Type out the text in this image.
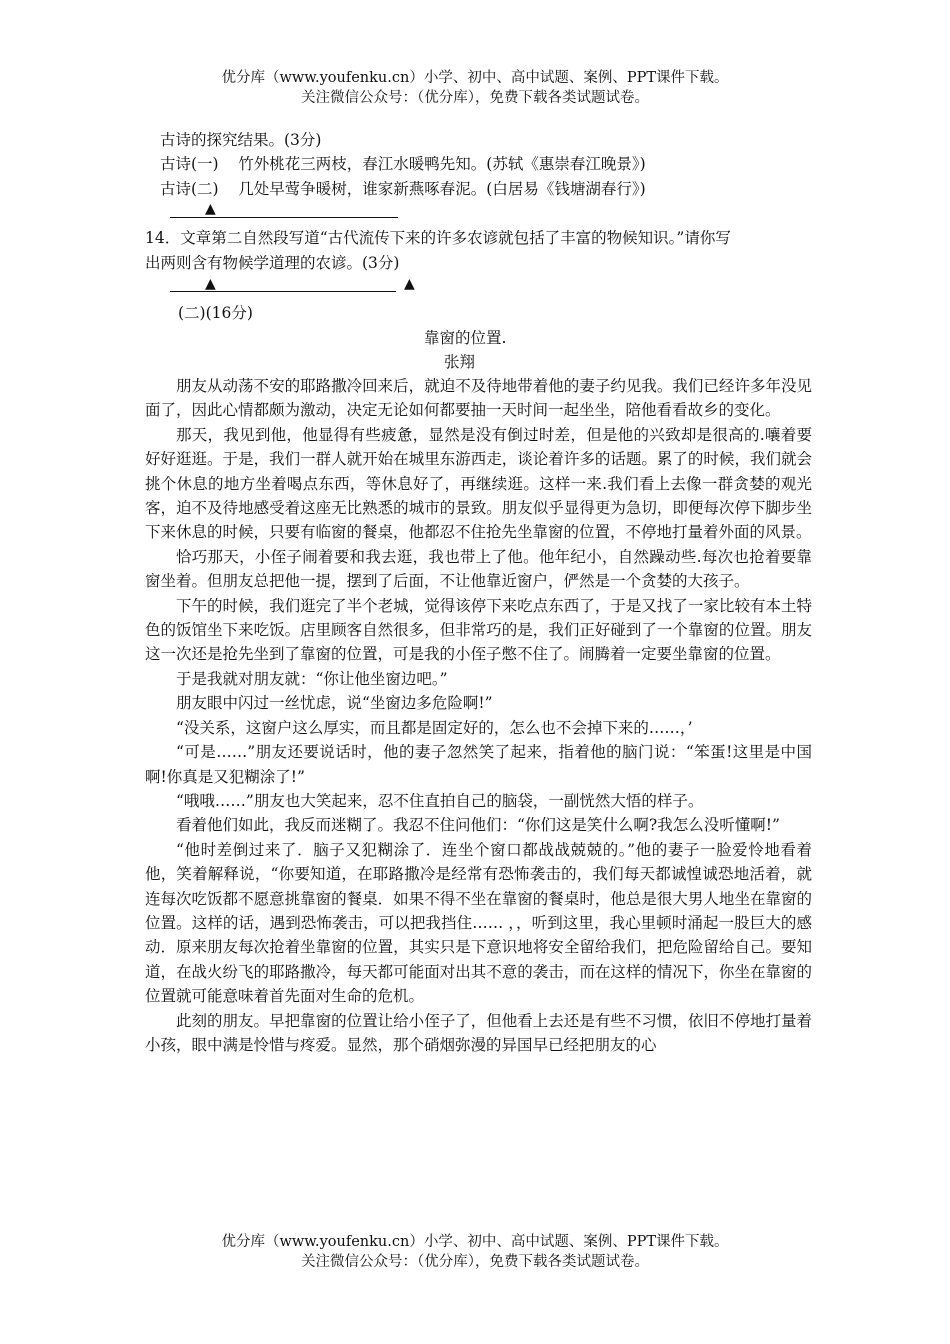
优分库（www.youfenku.cn）小学、初中、高中试题、案例、PPT课件下载。
关注微信公众号：（优分库），免费下载各类试题试卷。
古诗的探究结果。(3分)
古诗(一)    竹外桃花三两枝，春江水暖鸭先知。(苏轼《惠崇春江晚景》)
古诗(二)    几处早莺争暖树，谁家新燕啄春泥。(白居易《钱塘湖春行》)
▲
14．文章第二自然段写道“古代流传下来的许多农谚就包括了丰富的物候知识。”请你写
出两则含有物候学道理的农谚。(3分)
▲	▲
(二)(16分)
靠窗的位置.
张翔

朋友从动荡不安的耶路撒冷回来后，就迫不及待地带着他的妻子约见我。我们已经许多年没见面了，因此心情都颇为激动，决定无论如何都要抽一天时间一起坐坐，陪他看看故乡的变化。

那天，我见到他，他显得有些疲惫，显然是没有倒过时差，但是他的兴致却是很高的.嚷着要好好逛逛。于是，我们一群人就开始在城里东游西走，谈论着许多的话题。累了的时候，我们就会挑个休息的地方坐着喝点东西，等休息好了，再继续逛。这样一来.我们看上去像一群贪婪的观光客，迫不及待地感受着这座无比熟悉的城市的景致。朋友似乎显得更为急切，即便每次停下脚步坐下来休息的时候，只要有临窗的餐桌，他都忍不住抢先坐靠窗的位置，不停地打量着外面的风景。

恰巧那天，小侄子闹着要和我去逛，我也带上了他。他年纪小，自然躁动些.每次也抢着要靠窗坐着。但朋友总把他一提，摆到了后面，不让他靠近窗户，俨然是一个贪婪的大孩子。

下午的时候，我们逛完了半个老城，觉得该停下来吃点东西了，于是又找了一家比较有本土特色的饭馆坐下来吃饭。店里顾客自然很多，但非常巧的是，我们正好碰到了一个靠窗的位置。朋友这一次还是抢先坐到了靠窗的位置，可是我的小侄子憋不住了。闹腾着一定要坐靠窗的位置。

于是我就对朋友就：“你让他坐窗边吧。”

朋友眼中闪过一丝忧虑，说“坐窗边多危险啊!”

“没关系，这窗户这么厚实，而且都是固定好的，怎么也不会掉下来的……，’

“可是……”朋友还要说话时，他的妻子忽然笑了起来，指着他的脑门说：“笨蛋!这里是中国啊!你真是又犯糊涂了!”

“哦哦……”朋友也大笑起来，忍不住直拍自己的脑袋，一副恍然大悟的样子。

看着他们如此，我反而迷糊了。我忍不住问他们：“你们这是笑什么啊?我怎么没听懂啊!”

“他时差倒过来了．脑子又犯糊涂了．连坐个窗口都战战兢兢的。”他的妻子一脸爱怜地看着他，笑着解释说，“你要知道，在耶路撒冷是经常有恐怖袭击的，我们每天都诚惶诚恐地活着，就连每次吃饭都不愿意挑靠窗的餐桌．如果不得不坐在靠窗的餐桌时，他总是很大男人地坐在靠窗的位置。这样的话，遇到恐怖袭击，可以把我挡住…… ，，听到这里，我心里顿时涌起一股巨大的感动．原来朋友每次抢着坐靠窗的位置，其实只是下意识地将安全留给我们，把危险留给自己。要知道，在战火纷飞的耶路撒冷，每天都可能面对出其不意的袭击，而在这样的情况下，你坐在靠窗的位置就可能意味着首先面对生命的危机。

此刻的朋友。早把靠窗的位置让给小侄子了，但他看上去还是有些不习惯，依旧不停地打量着小孩，眼中满是怜惜与疼爱。显然，那个硝烟弥漫的异国早已经把朋友的心

优分库（www.youfenku.cn）小学、初中、高中试题、案例、PPT课件下载。
关注微信公众号：（优分库），免费下载各类试题试卷。
